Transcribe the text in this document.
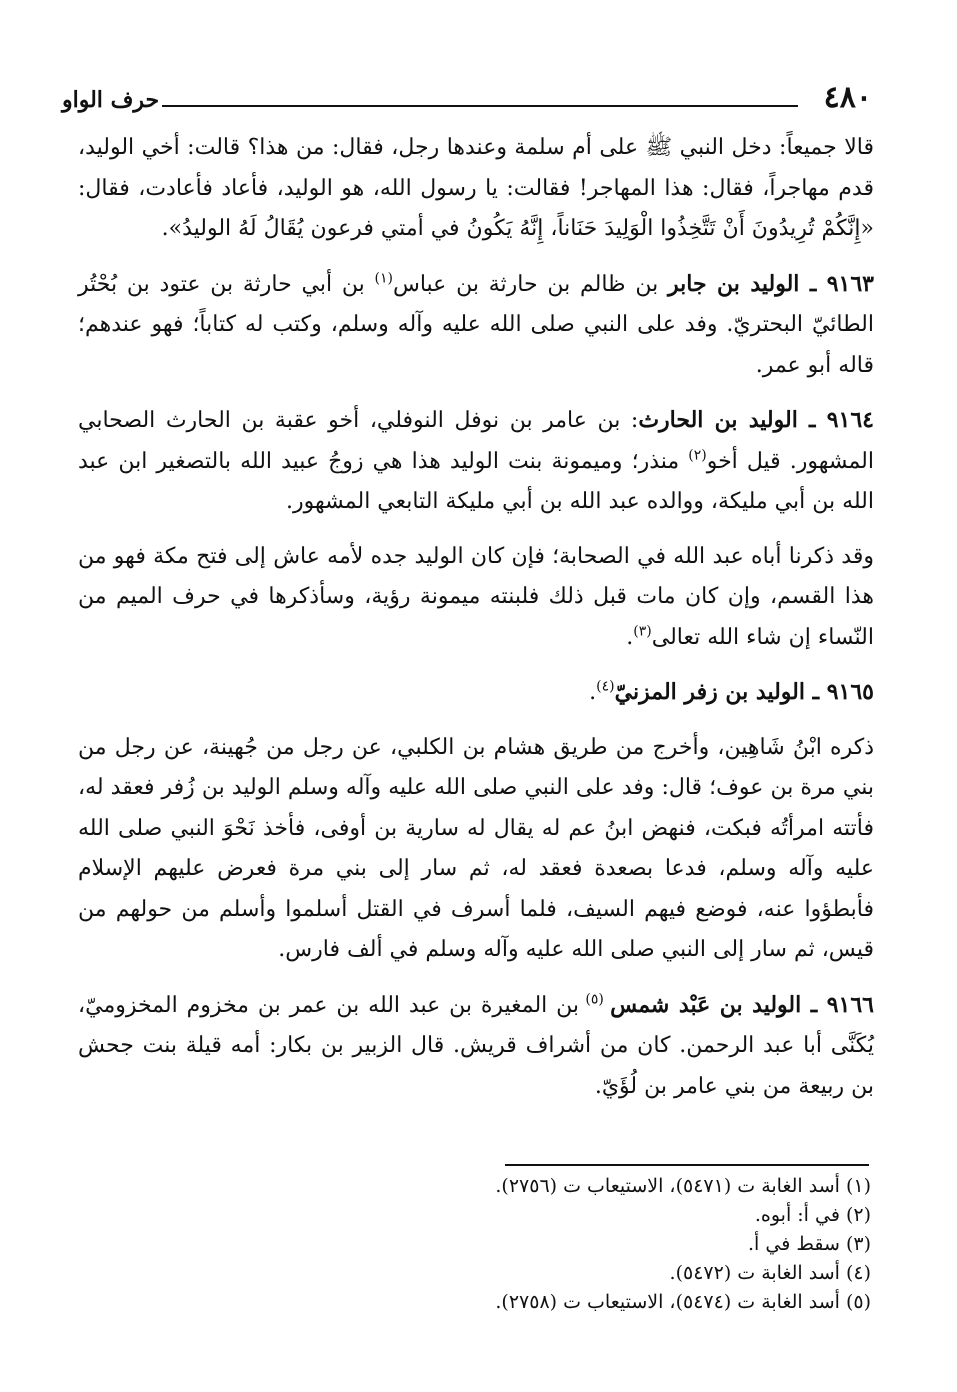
٤٨٠
حرف الواو

قالا جميعاً: دخل النبي ﷺ على أم سلمة وعندها رجل، فقال: من هذا؟ قالت: أخي الوليد، قدم مهاجراً، فقال: هذا المهاجر! فقالت: يا رسول الله، هو الوليد، فأعاد فأعادت، فقال: «إِنَّكُمْ تُرِيدُونَ أَنْ تَتَّخِذُوا الْوَلِيدَ حَنَاناً، إِنَّهُ يَكُونُ في أمتي فرعون يُقَالُ لَهُ الوليدُ».

٩١٦٣ ـ الوليد بن جابر بن ظالم بن حارثة بن عباس$^{(١)}$ بن أبي حارثة بن عتود بن بُحْتُر الطائيّ البحتريّ. وفد على النبي صلى الله عليه وآله وسلم، وكتب له كتاباً؛ فهو عندهم؛ قاله أبو عمر.

٩١٦٤ ـ الوليد بن الحارث: بن عامر بن نوفل النوفلي، أخو عقبة بن الحارث الصحابي المشهور. قيل أخو$^{(٢)}$ منذر؛ وميمونة بنت الوليد هذا هي زوجُ عبيد الله بالتصغير ابن عبد الله بن أبي مليكة، ووالده عبد الله بن أبي مليكة التابعي المشهور.

وقد ذكرنا أباه عبد الله في الصحابة؛ فإن كان الوليد جده لأمه عاش إلى فتح مكة فهو من هذا القسم، وإن كان مات قبل ذلك فلبنته ميمونة رؤية، وسأذكرها في حرف الميم من النّساء إن شاء الله تعالى$^{(٣)}$.

٩١٦٥ ـ الوليد بن زفر المزنيّ$^{(٤)}$.

ذكره ابْنُ شَاهِين، وأخرج من طريق هشام بن الكلبي، عن رجل من جُهينة، عن رجل من بني مرة بن عوف؛ قال: وفد على النبي صلى الله عليه وآله وسلم الوليد بن زُفر فعقد له، فأتته امرأتُه فبكت، فنهض ابنُ عم له يقال له سارية بن أوفى، فأخذ نَحْوَ النبي صلى الله عليه وآله وسلم، فدعا بصعدة فعقد له، ثم سار إلى بني مرة فعرض عليهم الإسلام فأبطؤوا عنه، فوضع فيهم السيف، فلما أسرف في القتل أسلموا وأسلم من حولهم من قيس، ثم سار إلى النبي صلى الله عليه وآله وسلم في ألف فارس.

٩١٦٦ ـ الوليد بن عَبْد شمس $^{(٥)}$ بن المغيرة بن عبد الله بن عمر بن مخزوم المخزوميّ، يُكَنَّى أبا عبد الرحمن. كان من أشراف قريش. قال الزبير بن بكار: أمه قيلة بنت جحش بن ربيعة من بني عامر بن لُؤَيّ.

(١) أسد الغابة ت (٥٤٧١)، الاستيعاب ت (٢٧٥٦).
(٢) في أ: أبوه.
(٣) سقط في أ.
(٤) أسد الغابة ت (٥٤٧٢).
(٥) أسد الغابة ت (٥٤٧٤)، الاستيعاب ت (٢٧٥٨).
